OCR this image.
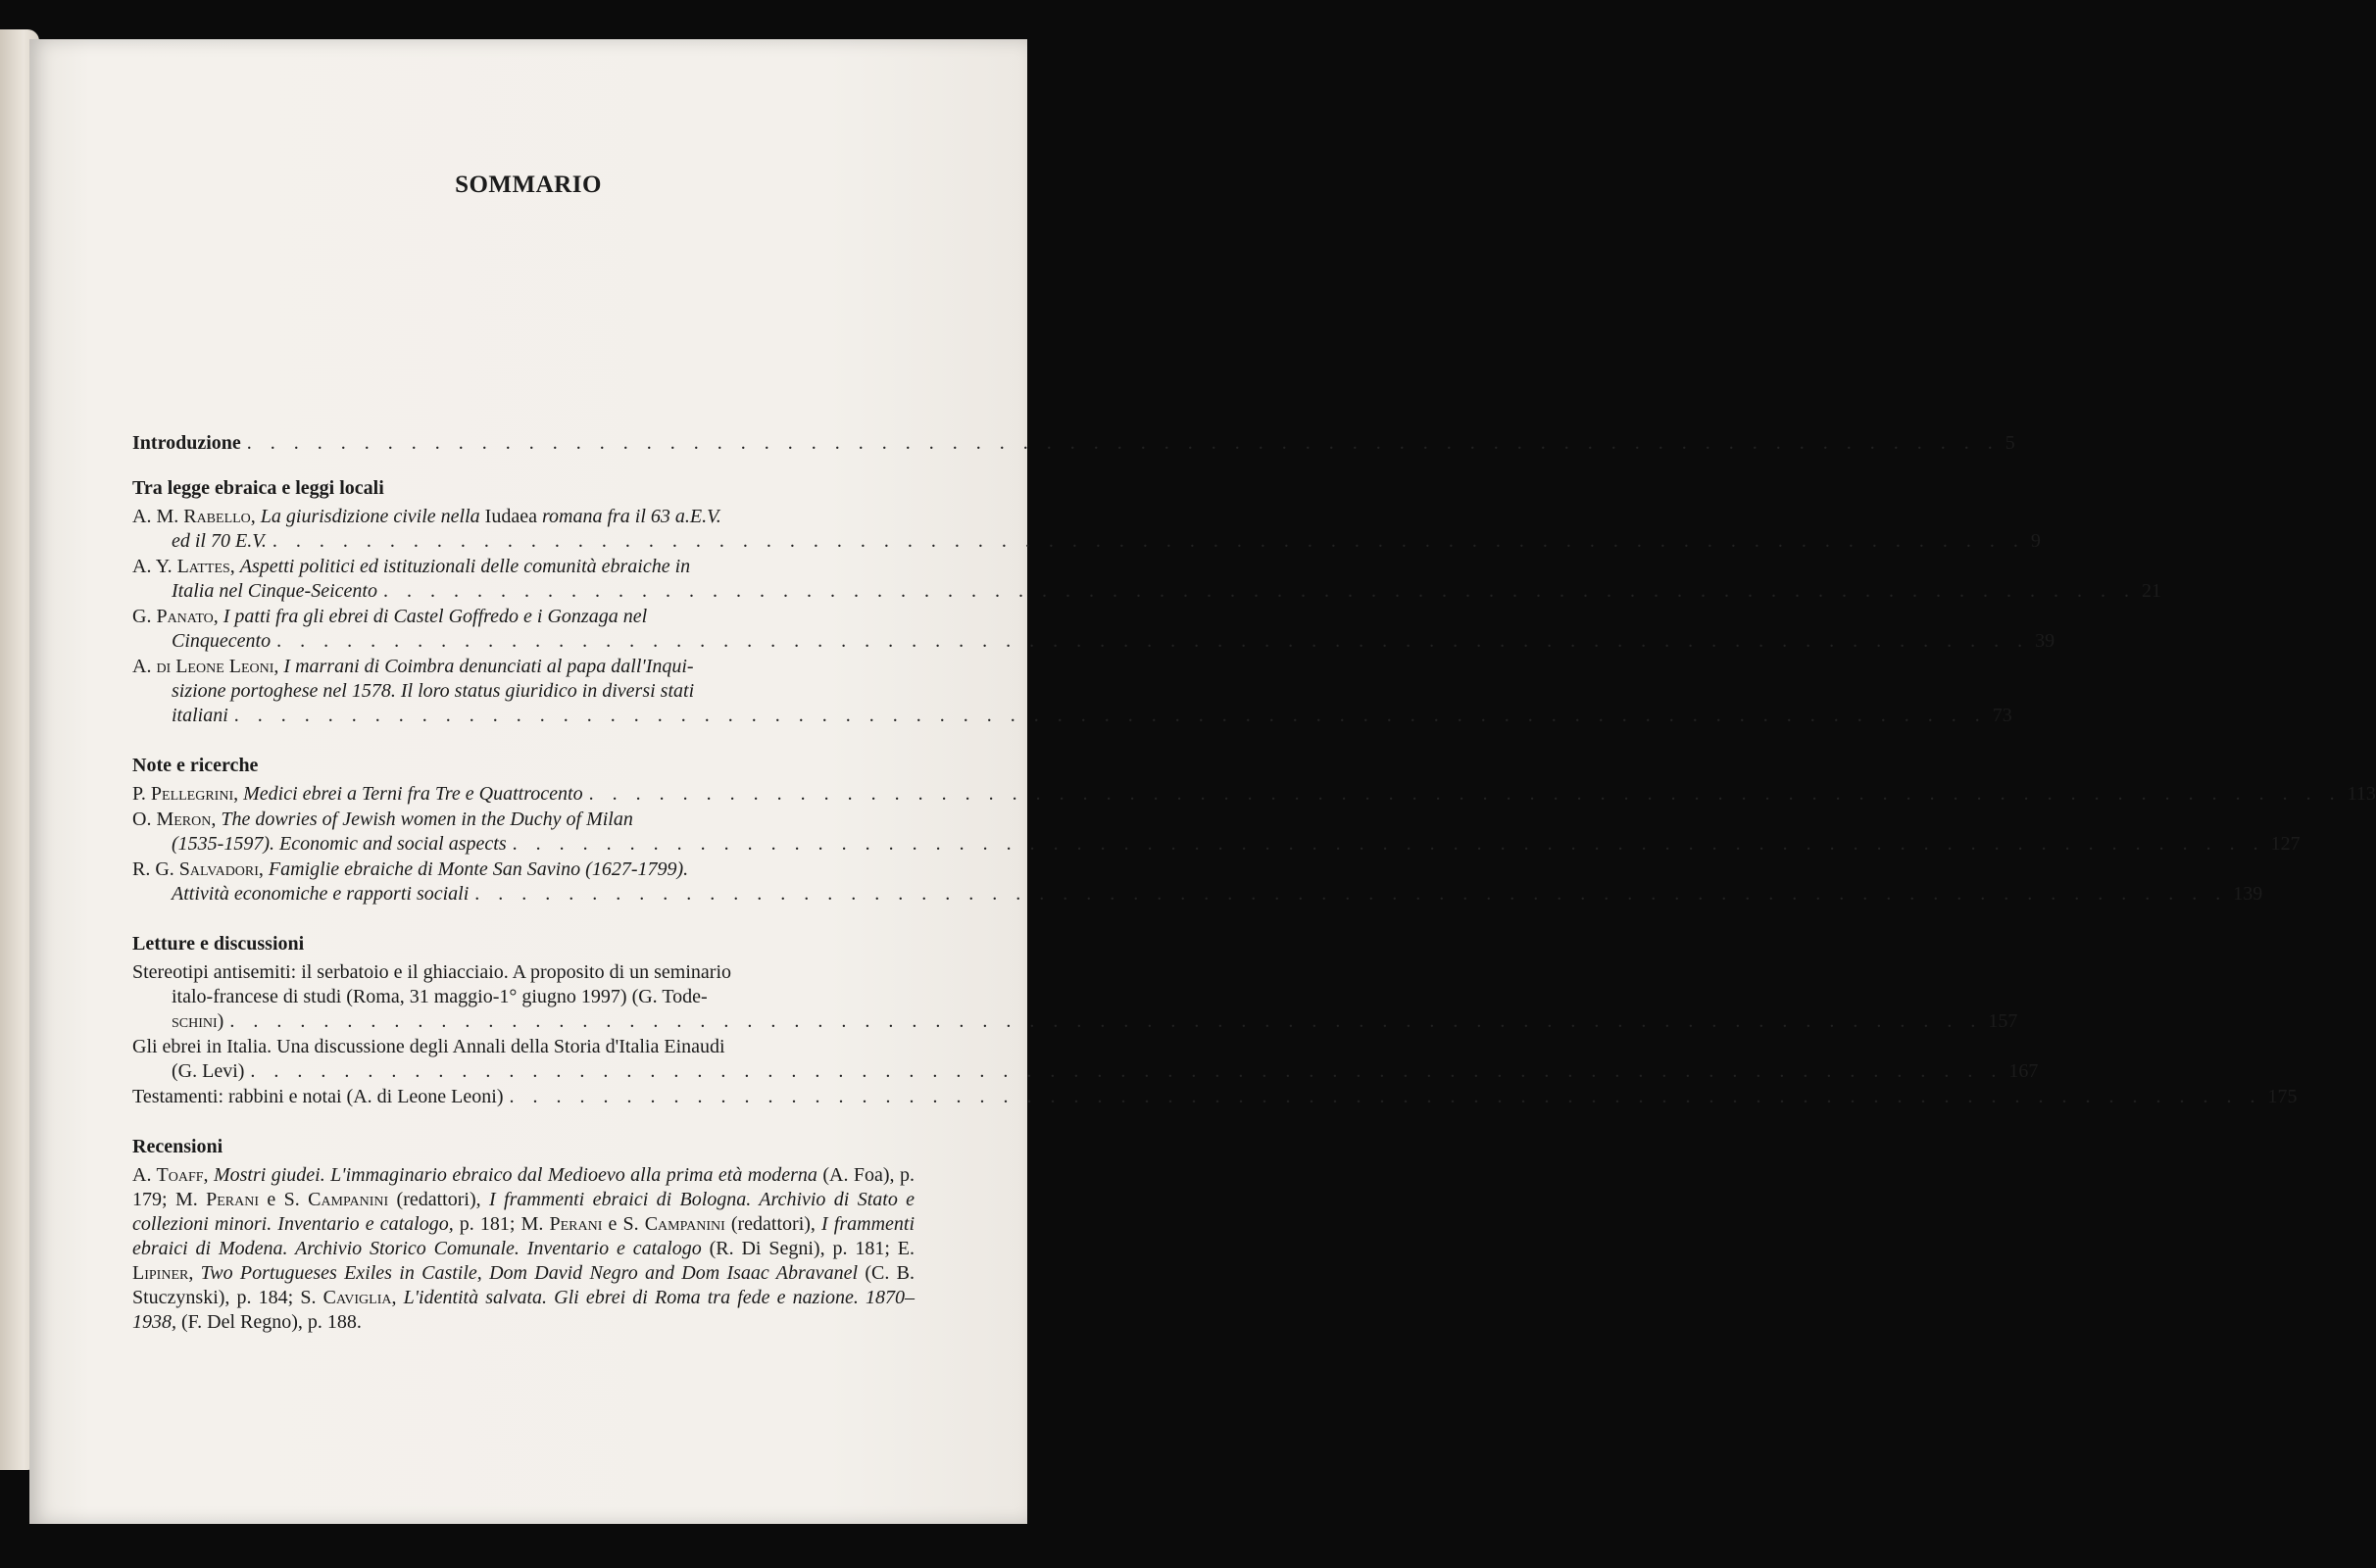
SOMMARIO
Introduzione . . . . . . . . . . . . . . . . . . . . . . . . . . . . . . . . . . . . . . . . . . . . . . . . . . . . . . . . . . . . . . . . . . . . . . . . . . . 5
Tra legge ebraica e leggi locali
A. M. Rabello, La giurisdizione civile nella Iudaea romana fra il 63 a.E.V.
ed il 70 E.V. . . . . . . . . . . . . . . . . . . . . . . . . . . . . . . . . . . . . . . . . . . . . . . . . . . . . . . . . . . . . . . . . . . . . . . . . . . . 9
A. Y. Lattes, Aspetti politici ed istituzionali delle comunità ebraiche in
Italia nel Cinque-Seicento . . . . . . . . . . . . . . . . . . . . . . . . . . . . . . . . . . . . . . . . . . . . . . . . . . . . . . . . . . . . . . . . . . . . . . . . . . . 21
G. Panato, I patti fra gli ebrei di Castel Goffredo e i Gonzaga nel
Cinquecento . . . . . . . . . . . . . . . . . . . . . . . . . . . . . . . . . . . . . . . . . . . . . . . . . . . . . . . . . . . . . . . . . . . . . . . . . . . 39
A. di Leone Leoni, I marrani di Coimbra denunciati al papa dall'Inqui-
sizione portoghese nel 1578. Il loro status giuridico in diversi stati
italiani . . . . . . . . . . . . . . . . . . . . . . . . . . . . . . . . . . . . . . . . . . . . . . . . . . . . . . . . . . . . . . . . . . . . . . . . . . . 73
Note e ricerche
P. Pellegrini, Medici ebrei a Terni fra Tre e Quattrocento . . . . . . . . . . . . . . . . . . . . . . . . . . . . . . . . . . . . . . . . . . . . . . . . . . . . . . . . . . . . . . . . . . . . . . . . . . . 113
O. Meron, The dowries of Jewish women in the Duchy of Milan
(1535-1597). Economic and social aspects . . . . . . . . . . . . . . . . . . . . . . . . . . . . . . . . . . . . . . . . . . . . . . . . . . . . . . . . . . . . . . . . . . . . . . . . . . . 127
R. G. Salvadori, Famiglie ebraiche di Monte San Savino (1627-1799).
Attività economiche e rapporti sociali . . . . . . . . . . . . . . . . . . . . . . . . . . . . . . . . . . . . . . . . . . . . . . . . . . . . . . . . . . . . . . . . . . . . . . . . . . . 139
Letture e discussioni
Stereotipi antisemiti: il serbatoio e il ghiacciaio. A proposito di un seminario
italo-francese di studi (Roma, 31 maggio-1° giugno 1997) (G. Tode-
schini) . . . . . . . . . . . . . . . . . . . . . . . . . . . . . . . . . . . . . . . . . . . . . . . . . . . . . . . . . . . . . . . . . . . . . . . . . . . 157
Gli ebrei in Italia. Una discussione degli Annali della Storia d'Italia Einaudi
(G. Levi) . . . . . . . . . . . . . . . . . . . . . . . . . . . . . . . . . . . . . . . . . . . . . . . . . . . . . . . . . . . . . . . . . . . . . . . . . . . 167
Testamenti: rabbini e notai (A. di Leone Leoni) . . . . . . . . . . . . . . . . . . . . . . . . . . . . . . . . . . . . . . . . . . . . . . . . . . . . . . . . . . . . . . . . . . . . . . . . . . . 175
Recensioni
A. Toaff, Mostri giudei. L'immaginario ebraico dal Medioevo alla prima età moderna (A. Foa), p. 179; M. Perani e S. Campanini (redattori), I frammenti ebraici di Bologna. Archivio di Stato e collezioni minori. Inventario e catalogo, p. 181; M. Perani e S. Campanini (redattori), I frammenti ebraici di Modena. Archivio Storico Comunale. Inventario e catalogo (R. Di Segni), p. 181; E. Lipiner, Two Portugueses Exiles in Castile, Dom David Negro and Dom Isaac Abravanel (C. B. Stuczynski), p. 184; S. Caviglia, L'identità salvata. Gli ebrei di Roma tra fede e nazione. 1870–1938, (F. Del Regno), p. 188.
